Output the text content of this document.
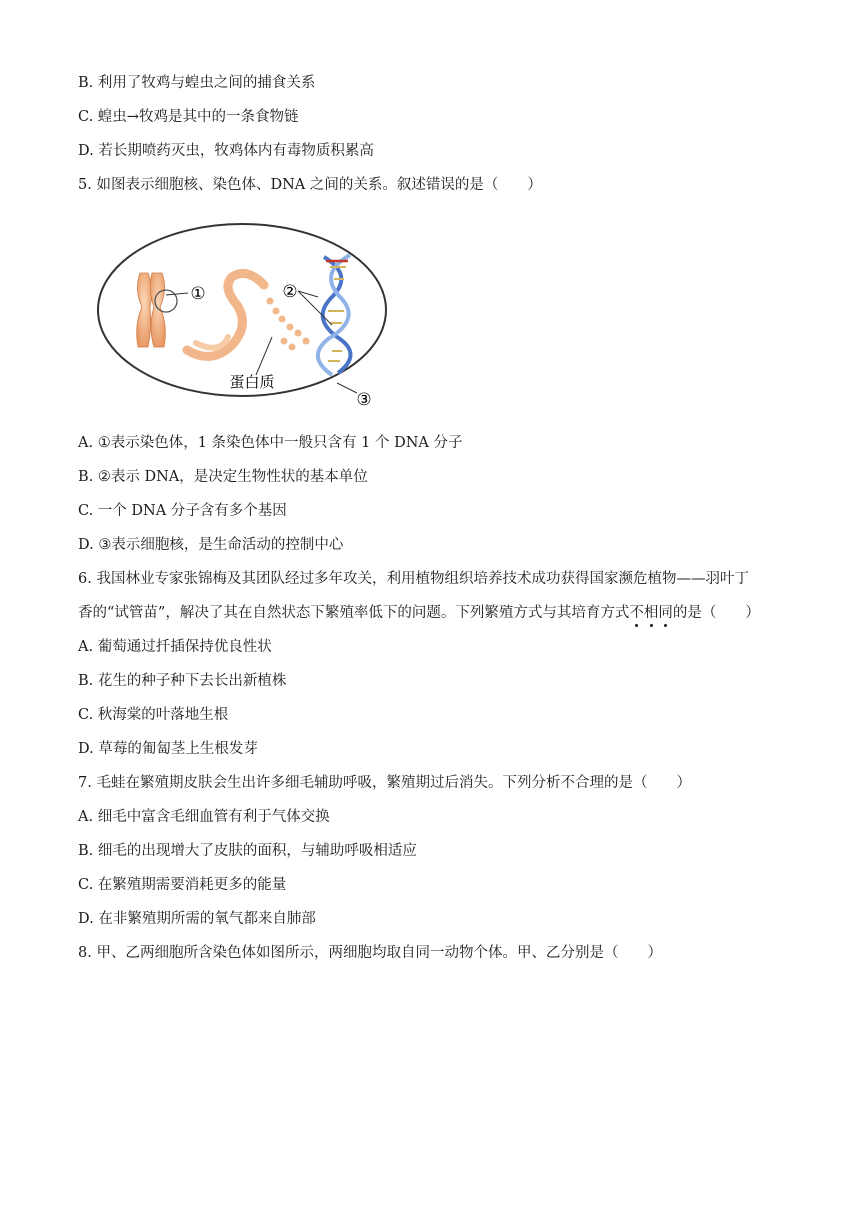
B. 利用了牧鸡与蝗虫之间的捕食关系
C. 蝗虫→牧鸡是其中的一条食物链
D. 若长期喷药灭虫，牧鸡体内有毒物质积累高
5. 如图表示细胞核、染色体、DNA 之间的关系。叙述错误的是（　　）
①	②
蛋白质
③
A. ①表示染色体，1 条染色体中一般只含有 1 个 DNA 分子
B. ②表示 DNA，是决定生物性状的基本单位
C. 一个 DNA 分子含有多个基因
D. ③表示细胞核，是生命活动的控制中心
6. 我国林业专家张锦梅及其团队经过多年攻关，利用植物组织培养技术成功获得国家濒危植物——羽叶丁
香的“试管苗”，解决了其在自然状态下繁殖率低下的问题。下列繁殖方式与其培育方式不相同的是（　　）
A. 葡萄通过扦插保持优良性状
B. 花生的种子种下去长出新植株
C. 秋海棠的叶落地生根
D. 草莓的匍匐茎上生根发芽
7. 毛蛙在繁殖期皮肤会生出许多细毛辅助呼吸，繁殖期过后消失。下列分析不合理的是（　　）
A. 细毛中富含毛细血管有利于气体交换
B. 细毛的出现增大了皮肤的面积，与辅助呼吸相适应
C. 在繁殖期需要消耗更多的能量
D. 在非繁殖期所需的氧气都来自肺部
8. 甲、乙两细胞所含染色体如图所示，两细胞均取自同一动物个体。甲、乙分别是（　　）
